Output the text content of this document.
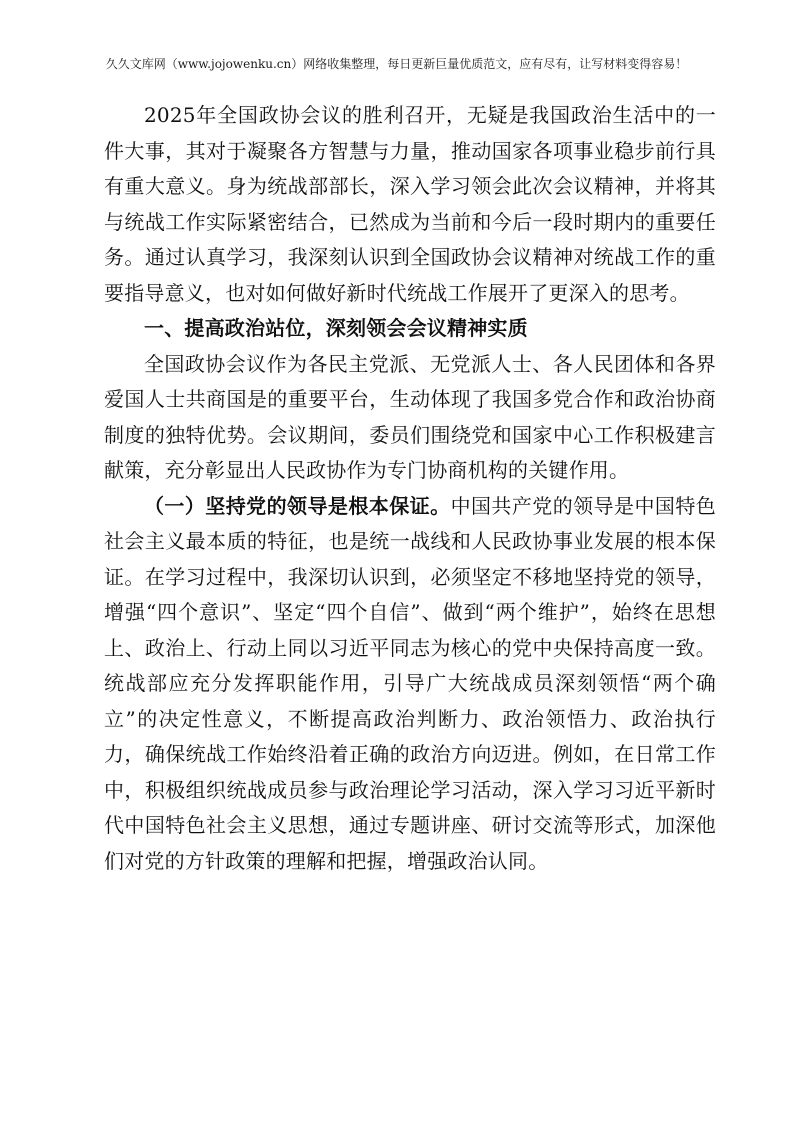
久久文库网（www.jojowenku.cn）网络收集整理，每日更新巨量优质范文，应有尽有，让写材料变得容易！

2025年全国政协会议的胜利召开，无疑是我国政治生活中的一件大事，其对于凝聚各方智慧与力量，推动国家各项事业稳步前行具有重大意义。身为统战部部长，深入学习领会此次会议精神，并将其与统战工作实际紧密结合，已然成为当前和今后一段时期内的重要任务。通过认真学习，我深刻认识到全国政协会议精神对统战工作的重要指导意义，也对如何做好新时代统战工作展开了更深入的思考。

一、提高政治站位，深刻领会会议精神实质

全国政协会议作为各民主党派、无党派人士、各人民团体和各界爱国人士共商国是的重要平台，生动体现了我国多党合作和政治协商制度的独特优势。会议期间，委员们围绕党和国家中心工作积极建言献策，充分彰显出人民政协作为专门协商机构的关键作用。

（一）坚持党的领导是根本保证。中国共产党的领导是中国特色社会主义最本质的特征，也是统一战线和人民政协事业发展的根本保证。在学习过程中，我深切认识到，必须坚定不移地坚持党的领导，增强“四个意识”、坚定“四个自信”、做到“两个维护”，始终在思想上、政治上、行动上同以习近平同志为核心的党中央保持高度一致。统战部应充分发挥职能作用，引导广大统战成员深刻领悟“两个确立”的决定性意义，不断提高政治判断力、政治领悟力、政治执行力，确保统战工作始终沿着正确的政治方向迈进。例如，在日常工作中，积极组织统战成员参与政治理论学习活动，深入学习习近平新时代中国特色社会主义思想，通过专题讲座、研讨交流等形式，加深他们对党的方针政策的理解和把握，增强政治认同。
